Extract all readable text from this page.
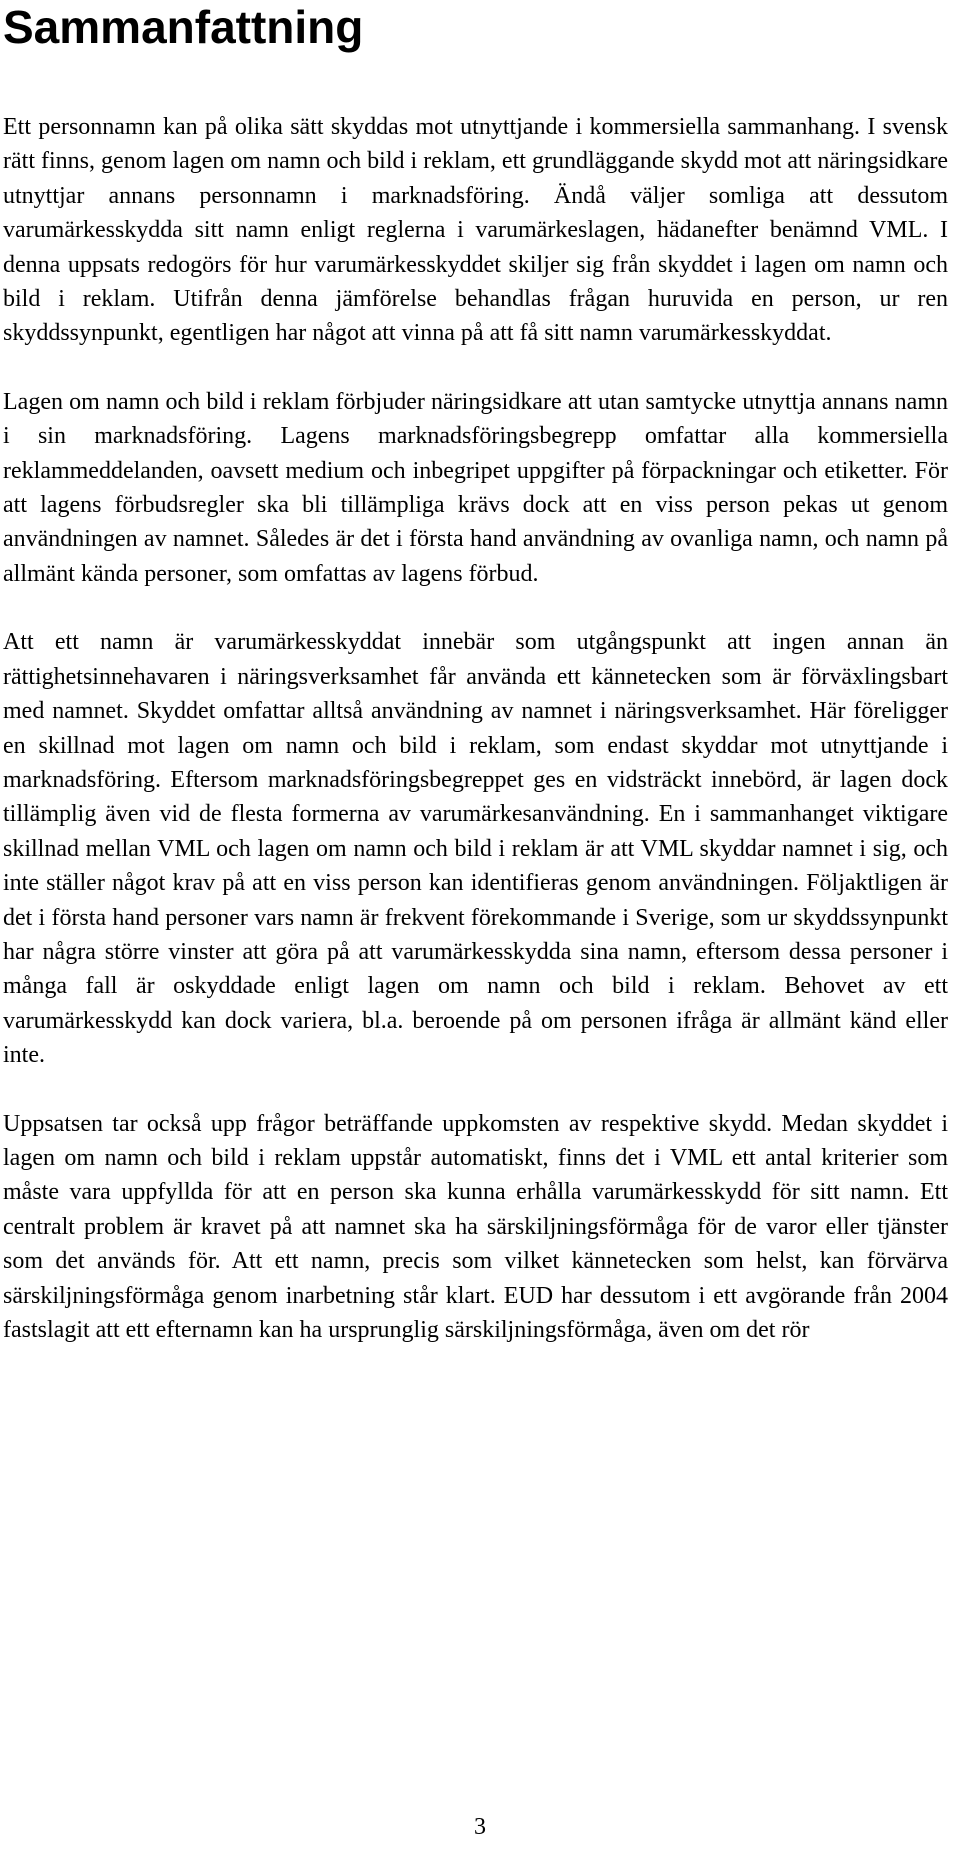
Sammanfattning

Ett personnamn kan på olika sätt skyddas mot utnyttjande i kommersiella sammanhang. I svensk rätt finns, genom lagen om namn och bild i reklam, ett grundläggande skydd mot att näringsidkare utnyttjar annans personnamn i marknadsföring. Ändå väljer somliga att dessutom varumärkesskydda sitt namn enligt reglerna i varumärkeslagen, hädanefter benämnd VML. I denna uppsats redogörs för hur varumärkesskyddet skiljer sig från skyddet i lagen om namn och bild i reklam. Utifrån denna jämförelse behandlas frågan huruvida en person, ur ren skyddssynpunkt, egentligen har något att vinna på att få sitt namn varumärkesskyddat.

Lagen om namn och bild i reklam förbjuder näringsidkare att utan samtycke utnyttja annans namn i sin marknadsföring. Lagens marknadsföringsbegrepp omfattar alla kommersiella reklammeddelanden, oavsett medium och inbegripet uppgifter på förpackningar och etiketter. För att lagens förbudsregler ska bli tillämpliga krävs dock att en viss person pekas ut genom användningen av namnet. Således är det i första hand användning av ovanliga namn, och namn på allmänt kända personer, som omfattas av lagens förbud.

Att ett namn är varumärkesskyddat innebär som utgångspunkt att ingen annan än rättighetsinnehavaren i näringsverksamhet får använda ett kännetecken som är förväxlingsbart med namnet. Skyddet omfattar alltså användning av namnet i näringsverksamhet. Här föreligger en skillnad mot lagen om namn och bild i reklam, som endast skyddar mot utnyttjande i marknadsföring. Eftersom marknadsföringsbegreppet ges en vidsträckt innebörd, är lagen dock tillämplig även vid de flesta formerna av varumärkesanvändning. En i sammanhanget viktigare skillnad mellan VML och lagen om namn och bild i reklam är att VML skyddar namnet i sig, och inte ställer något krav på att en viss person kan identifieras genom användningen. Följaktligen är det i första hand personer vars namn är frekvent förekommande i Sverige, som ur skyddssynpunkt har några större vinster att göra på att varumärkesskydda sina namn, eftersom dessa personer i många fall är oskyddade enligt lagen om namn och bild i reklam. Behovet av ett varumärkesskydd kan dock variera, bl.a. beroende på om personen ifråga är allmänt känd eller inte.

Uppsatsen tar också upp frågor beträffande uppkomsten av respektive skydd. Medan skyddet i lagen om namn och bild i reklam uppstår automatiskt, finns det i VML ett antal kriterier som måste vara uppfyllda för att en person ska kunna erhålla varumärkesskydd för sitt namn. Ett centralt problem är kravet på att namnet ska ha särskiljningsförmåga för de varor eller tjänster som det används för. Att ett namn, precis som vilket kännetecken som helst, kan förvärva särskiljningsförmåga genom inarbetning står klart. EUD har dessutom i ett avgörande från 2004 fastslagit att ett efternamn kan ha ursprunglig särskiljningsförmåga, även om det rör

3
